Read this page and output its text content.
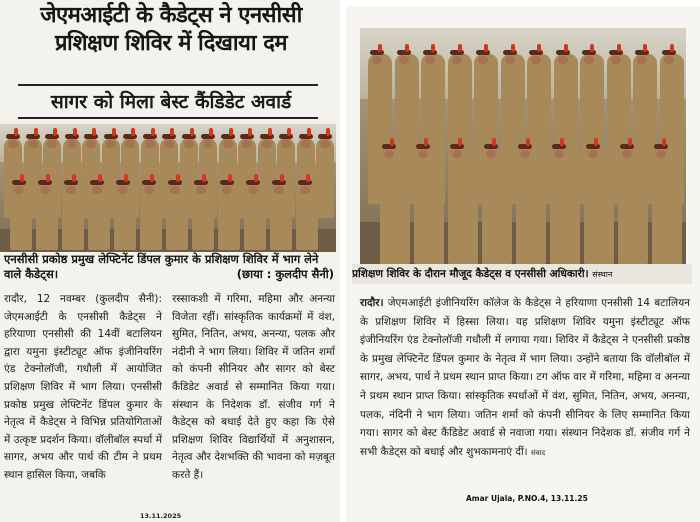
जेएमआईटी के कैडेट्स ने एनसीसी
प्रशिक्षण शिविर में दिखाया दम
सागर को मिला बेस्ट कैंडिडेट अवार्ड
एनसीसी प्रकोष्ठ प्रमुख लेफ्टिनेंट डिंपल कुमार के प्रशिक्षण शिविर में भाग लेने वाले कैडेट्स।	(छाया : कुलदीप सैनी)
रादौर, 12 नवम्बर (कुलदीप सैनी): जेएमआईटी के एनसीसी कैडेट्स ने हरियाणा एनसीसी की 14वीं बटालियन द्वारा यमुना इंस्टीट्यूट ऑफ इंजीनियरिंग एंड टेक्नोलॉजी, गधौली में आयोजित प्रशिक्षण शिविर में भाग लिया। एनसीसी प्रकोष्ठ प्रमुख लेफ्टिनेंट डिंपल कुमार के नेतृत्व में कैडेट्स ने विभिन्न प्रतियोगिताओं में उत्कृष्ट प्रदर्शन किया। वॉलीबॉल स्पर्धा में सागर, अभय और पार्थ की टीम ने प्रथम स्थान हासिल किया, जबकि
रस्साकशी में गरिमा, महिमा और अनन्या विजेता रहीं। सांस्कृतिक कार्यक्रमों में वंश, सुमित, नितिन, अभय, अनन्या, पलक और नंदीनी ने भाग लिया। शिविर में जतिन शर्मा को कंपनी सीनियर और सागर को बेस्ट कैंडिडेट अवार्ड से सम्मानित किया गया। संस्थान के निदेशक डॉ. संजीव गर्ग ने कैडेट्स को बधाई देते हुए कहा कि ऐसे प्रशिक्षण शिविर विद्यार्थियों में अनुशासन, नेतृत्व और देशभक्ति की भावना को मज़बूत करते हैं।
13.11.2025
प्रशिक्षण शिविर के दौरान मौजूद कैडेट्स व एनसीसी अधिकारी। संस्थान
रादौर। जेएमआईटी इंजीनियरिंग कॉलेज के कैडेट्स ने हरियाणा एनसीसी 14 बटालियन के प्रशिक्षण शिविर में हिस्सा लिया। यह प्रशिक्षण शिविर यमुना इंस्टीट्यूट ऑफ इंजीनियरिंग एंड टेक्नोलॉजी गधौली में लगाया गया। शिविर में कैडेट्स ने एनसीसी प्रकोष्ठ के प्रमुख लेफ्टिनेंट डिंपल कुमार के नेतृत्व में भाग लिया। उन्होंने बताया कि वॉलीबॉल में सागर, अभय, पार्थ ने प्रथम स्थान प्राप्त किया। टग ऑफ वार में गरिमा, महिमा व अनन्या ने प्रथम स्थान प्राप्त किया। सांस्कृतिक स्पर्धाओं में वंश, सुमित, नितिन, अभय, अनन्या, पलक, नंदिनी ने भाग लिया। जतिन शर्मा को कंपनी सीनियर के लिए सम्मानित किया गया। सागर को बेस्ट कैंडिडेट अवार्ड से नवाजा गया। संस्थान निदेशक डॉ. संजीव गर्ग ने सभी कैडेट्स को बधाई और शुभकामनाएं दीं। संवाद
Amar Ujala, P.NO.4, 13.11.25
